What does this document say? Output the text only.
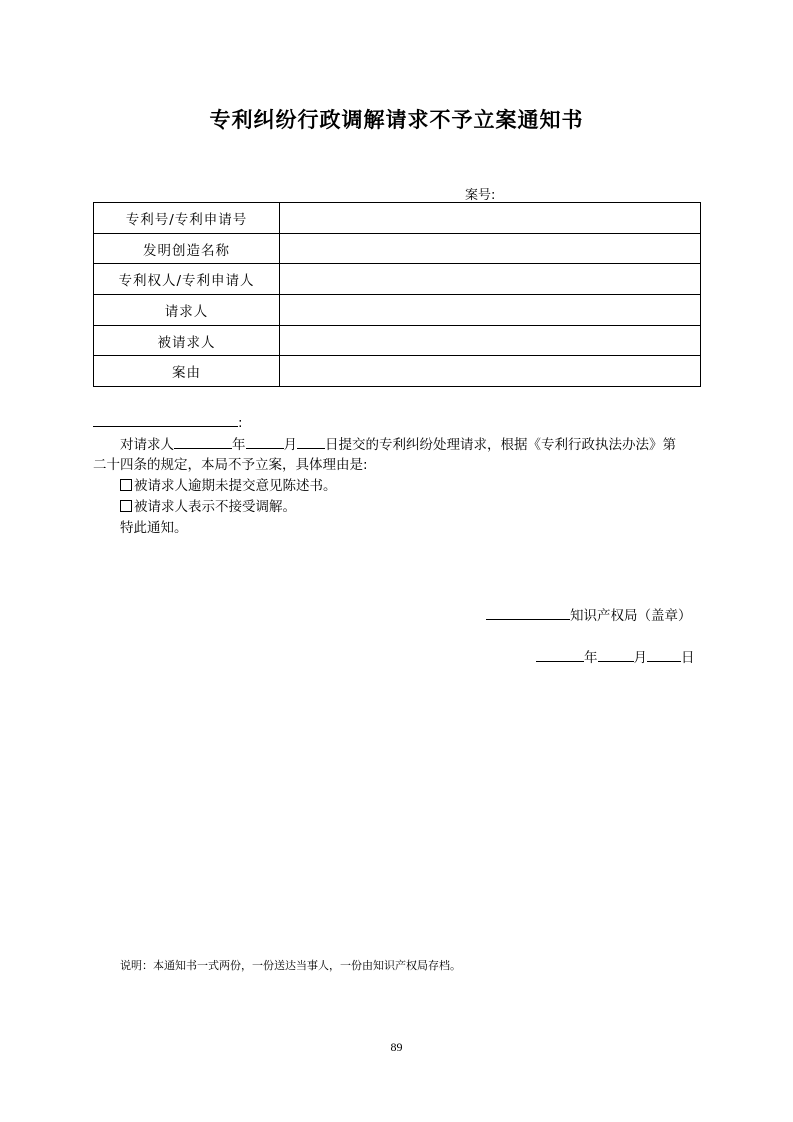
专利纠纷行政调解请求不予立案通知书
案号:
专利号/专利申请号	
发明创造名称	
专利权人/专利申请人	
请求人	
被请求人	
案由	
:
对请求人	年	月 日提交的专利纠纷处理请求，根据《专利行政执法办法》第
二十四条的规定，本局不予立案，具体理由是:
被请求人逾期未提交意见陈述书。
被请求人表示不接受调解。
特此通知。
知识产权局（盖章）
年	月	日
说明：本通知书一式两份，一份送达当事人，一份由知识产权局存档。
89
